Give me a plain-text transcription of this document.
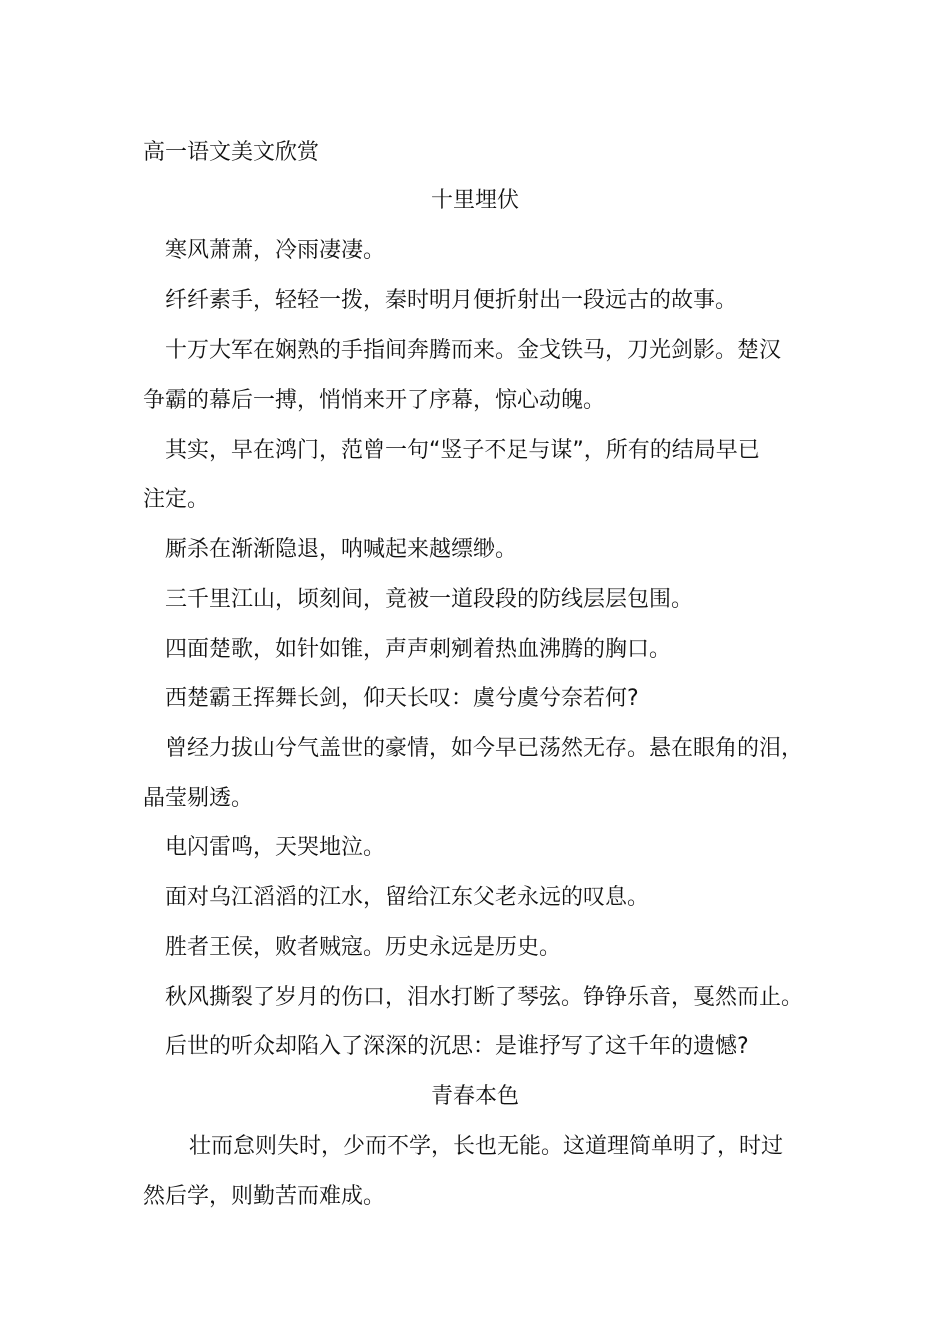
高一语文美文欣赏
十里埋伏
寒风萧萧，冷雨凄凄。
纤纤素手，轻轻一拨，秦时明月便折射出一段远古的故事。
十万大军在娴熟的手指间奔腾而来。金戈铁马，刀光剑影。楚汉
争霸的幕后一搏，悄悄来开了序幕，惊心动魄。
其实，早在鸿门，范曾一句“竖子不足与谋”，所有的结局早已
注定。
厮杀在渐渐隐退，呐喊起来越缥缈。
三千里江山，顷刻间，竟被一道段段的防线层层包围。
四面楚歌，如针如锥，声声刺剜着热血沸腾的胸口。
西楚霸王挥舞长剑，仰天长叹：虞兮虞兮奈若何?
曾经力拔山兮气盖世的豪情，如今早已荡然无存。悬在眼角的泪，
晶莹剔透。
电闪雷鸣，天哭地泣。
面对乌江滔滔的江水，留给江东父老永远的叹息。
胜者王侯，败者贼寇。历史永远是历史。
秋风撕裂了岁月的伤口，泪水打断了琴弦。铮铮乐音，戛然而止。
后世的听众却陷入了深深的沉思：是谁抒写了这千年的遗憾?
青春本色
壮而怠则失时，少而不学，长也无能。这道理简单明了，时过
然后学，则勤苦而难成。
